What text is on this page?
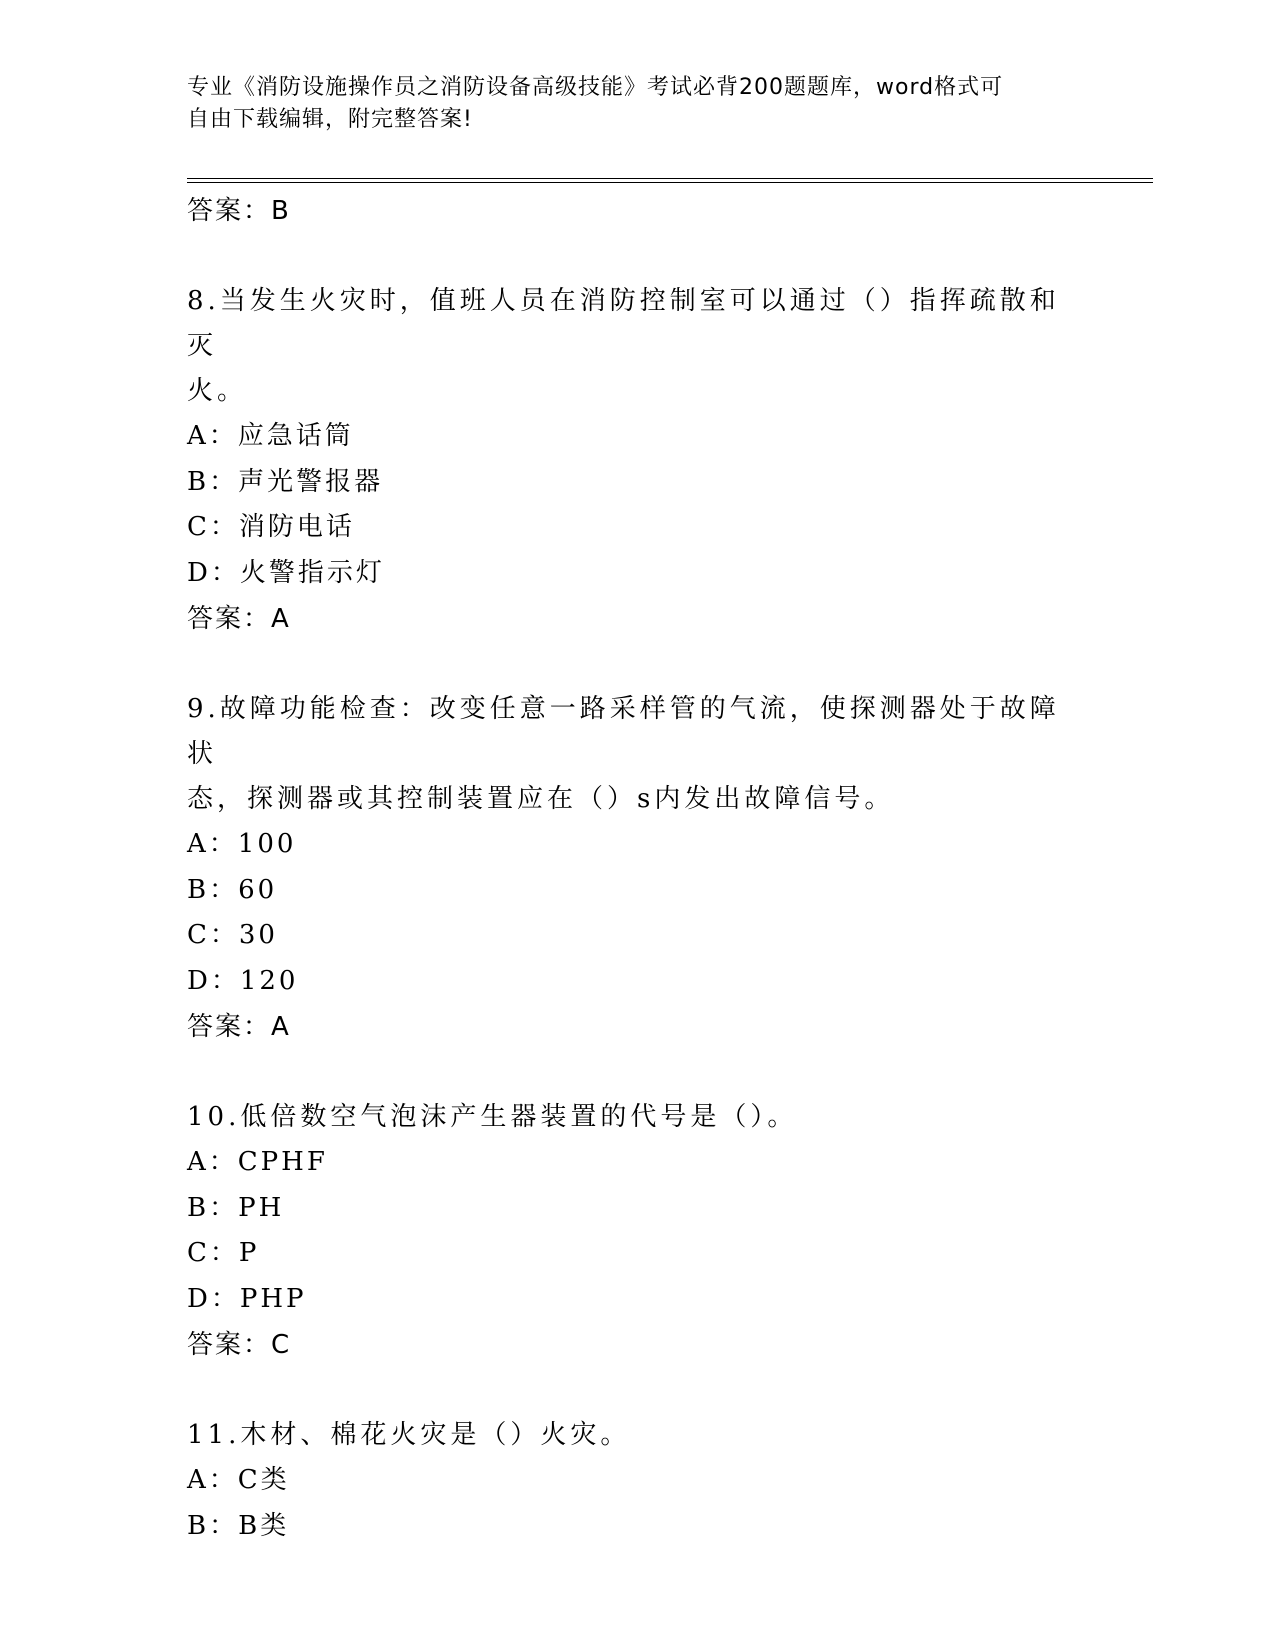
专业《消防设施操作员之消防设备高级技能》考试必背200题题库，word格式可
自由下载编辑，附完整答案!
答案：B
8.当发生火灾时，值班人员在消防控制室可以通过（）指挥疏散和灭
火。
A：应急话筒
B：声光警报器
C：消防电话
D：火警指示灯
答案：A
9.故障功能检查：改变任意一路采样管的气流，使探测器处于故障状
态，探测器或其控制装置应在（）s内发出故障信号。
A：100
B：60
C：30
D：120
答案：A
10.低倍数空气泡沫产生器装置的代号是（）。
A：CPHF
B：PH
C：P
D：PHP
答案：C
11.木材、棉花火灾是（）火灾。
A：C类
B：B类
